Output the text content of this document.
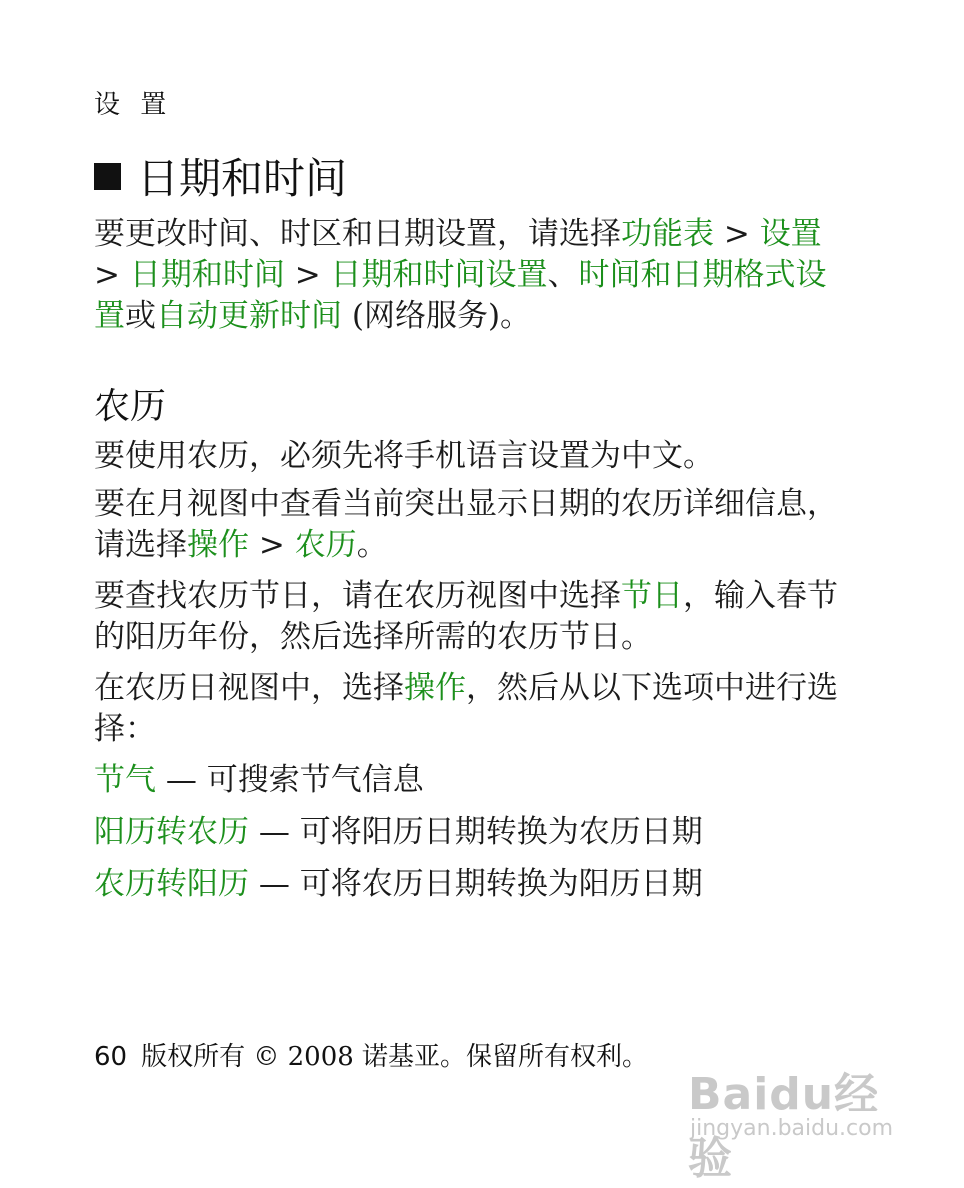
设 置
日期和时间
要更改时间、时区和日期设置，请选择功能表 > 设置 > 日期和时间 > 日期和时间设置、时间和日期格式设置或自动更新时间 (网络服务)。
农历
要使用农历，必须先将手机语言设置为中文。
要在月视图中查看当前突出显示日期的农历详细信息，请选择操作 > 农历。
要查找农历节日，请在农历视图中选择节日，输入春节的阳历年份，然后选择所需的农历节日。
在农历日视图中，选择操作，然后从以下选项中进行选择：
节气 — 可搜索节气信息
阳历转农历 — 可将阳历日期转换为农历日期
农历转阳历 — 可将农历日期转换为阳历日期
60 版权所有 © 2008 诺基亚。保留所有权利。
Baidu经验
jingyan.baidu.com
